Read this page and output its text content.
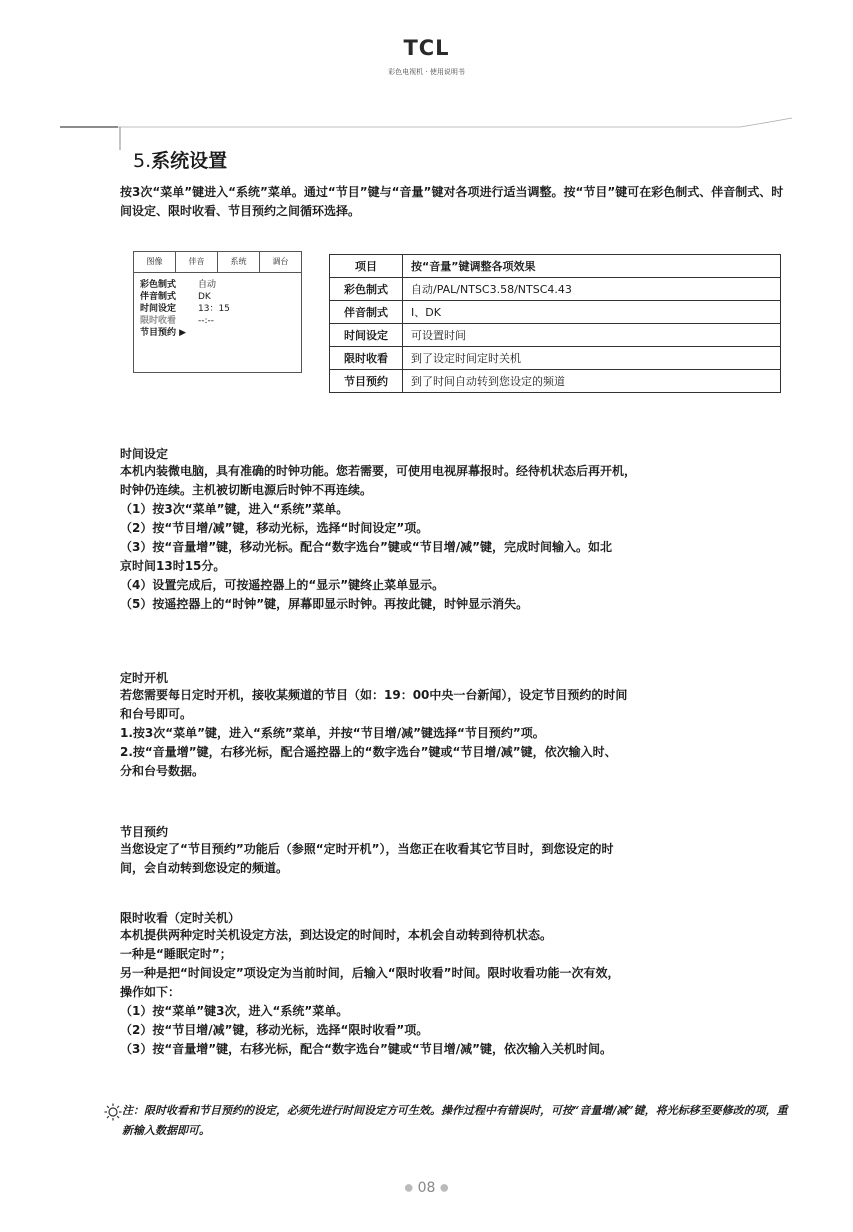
TCL
彩色电视机 · 使用说明书
5.系统设置
按3次“菜单”键进入“系统”菜单。通过“节目”键与“音量”键对各项进行适当调整。按“节目”键可在彩色制式、伴音制式、时间设定、限时收看、节目预约之间循环选择。
图像	伴音	系统	调台
彩色制式	自动
伴音制式	DK
时间设定	13：15
限时收看	--:--
节目预约 ▶
项目	按“音量”键调整各项效果
彩色制式	自动/PAL/NTSC3.58/NTSC4.43
伴音制式	I、DK
时间设定	可设置时间
限时收看	到了设定时间定时关机
节目预约	到了时间自动转到您设定的频道
时间设定
本机内装微电脑，具有准确的时钟功能。您若需要，可使用电视屏幕报时。经待机状态后再开机，
时钟仍连续。主机被切断电源后时钟不再连续。
（1）按3次“菜单”键，进入“系统”菜单。
（2）按“节目增/减”键，移动光标，选择“时间设定”项。
（3）按“音量增”键，移动光标。配合“数字选台”键或“节目增/减”键，完成时间输入。如北
京时间13时15分。
（4）设置完成后，可按遥控器上的“显示”键终止菜单显示。
（5）按遥控器上的“时钟”键，屏幕即显示时钟。再按此键，时钟显示消失。
定时开机
若您需要每日定时开机，接收某频道的节目（如：19：00中央一台新闻），设定节目预约的时间
和台号即可。
1.按3次“菜单”键，进入“系统”菜单，并按“节目增/减”键选择“节目预约”项。
2.按“音量增”键，右移光标，配合遥控器上的“数字选台”键或“节目增/减”键，依次输入时、
分和台号数据。
节目预约
当您设定了“节目预约”功能后（参照“定时开机”），当您正在收看其它节目时，到您设定的时
间，会自动转到您设定的频道。
限时收看（定时关机）
本机提供两种定时关机设定方法，到达设定的时间时，本机会自动转到待机状态。
一种是“睡眠定时”；
另一种是把“时间设定”项设定为当前时间，后输入“限时收看”时间。限时收看功能一次有效，
操作如下：
（1）按“菜单”键3次，进入“系统”菜单。
（2）按“节目增/减”键，移动光标，选择“限时收看”项。
（3）按“音量增”键，右移光标，配合“数字选台”键或“节目增/减”键，依次输入关机时间。
注：限时收看和节目预约的设定，必须先进行时间设定方可生效。操作过程中有错误时，可按“音量增/减”键，将光标移至要修改的项，重新输入数据即可。
● 08 ●
